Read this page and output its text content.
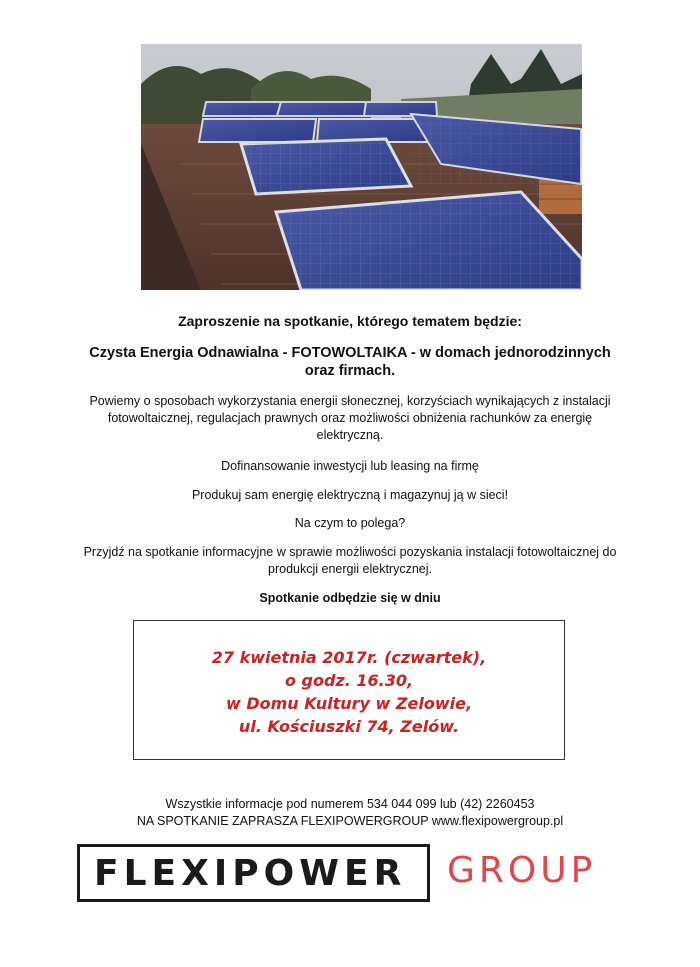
Zaproszenie na spotkanie, którego tematem będzie:
Czysta Energia Odnawialna - FOTOWOLTAIKA - w domach jednorodzinnych
oraz firmach.
Powiemy o sposobach wykorzystania energii słonecznej, korzyściach wynikających z instalacji
fotowoltaicznej, regulacjach prawnych oraz możliwości obniżenia rachunków za energię
elektryczną.
Dofinansowanie inwestycji lub leasing na firmę
Produkuj sam energię elektryczną i magazynuj ją w sieci!
Na czym to polega?
Przyjdź na spotkanie informacyjne w sprawie możliwości pozyskania instalacji fotowoltaicznej do
produkcji energii elektrycznej.
Spotkanie odbędzie się w dniu
27 kwietnia 2017r. (czwartek),
o godz. 16.30,
w Domu Kultury w Zelowie,
ul. Kościuszki 74, Zelów.
Wszystkie informacje pod numerem 534 044 099 lub (42) 2260453
NA SPOTKANIE ZAPRASZA FLEXIPOWERGROUP www.flexipowergroup.pl
FLEXIPOWER GROUP
